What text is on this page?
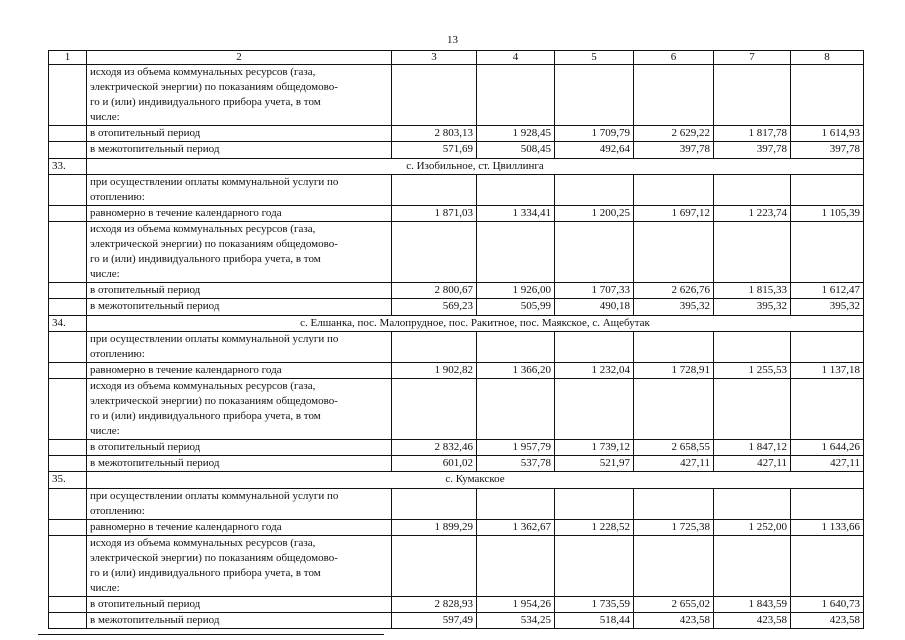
13
1	2	3	4	5	6	7	8
	исходя из объема коммунальных ресурсов (газа,
электрической энергии) по показаниям общедомово-
го и (или) индивидуального прибора учета, в том
числе:						
	в отопительный период	2 803,13	1 928,45	1 709,79	2 629,22	1 817,78	1 614,93
	в межотопительный период	571,69	508,45	492,64	397,78	397,78	397,78
33.	с. Изобильное, ст. Цвиллинга						
	при осуществлении оплаты коммунальной услуги по
отоплению:						
	равномерно в течение календарного года	1 871,03	1 334,41	1 200,25	1 697,12	1 223,74	1 105,39
	исходя из объема коммунальных ресурсов (газа,
электрической энергии) по показаниям общедомово-
го и (или) индивидуального прибора учета, в том
числе:						
	в отопительный период	2 800,67	1 926,00	1 707,33	2 626,76	1 815,33	1 612,47
	в межотопительный период	569,23	505,99	490,18	395,32	395,32	395,32
34.	с. Елшанка, пос. Малопрудное, пос. Ракитное, пос. Маякское, с. Ащебутак						
	при осуществлении оплаты коммунальной услуги по
отоплению:						
	равномерно в течение календарного года	1 902,82	1 366,20	1 232,04	1 728,91	1 255,53	1 137,18
	исходя из объема коммунальных ресурсов (газа,
электрической энергии) по показаниям общедомово-
го и (или) индивидуального прибора учета, в том
числе:						
	в отопительный период	2 832,46	1 957,79	1 739,12	2 658,55	1 847,12	1 644,26
	в межотопительный период	601,02	537,78	521,97	427,11	427,11	427,11
35.	с. Кумакское						
	при осуществлении оплаты коммунальной услуги по
отоплению:						
	равномерно в течение календарного года	1 899,29	1 362,67	1 228,52	1 725,38	1 252,00	1 133,66
	исходя из объема коммунальных ресурсов (газа,
электрической энергии) по показаниям общедомово-
го и (или) индивидуального прибора учета, в том
числе:						
	в отопительный период	2 828,93	1 954,26	1 735,59	2 655,02	1 843,59	1 640,73
	в межотопительный период	597,49	534,25	518,44	423,58	423,58	423,58
